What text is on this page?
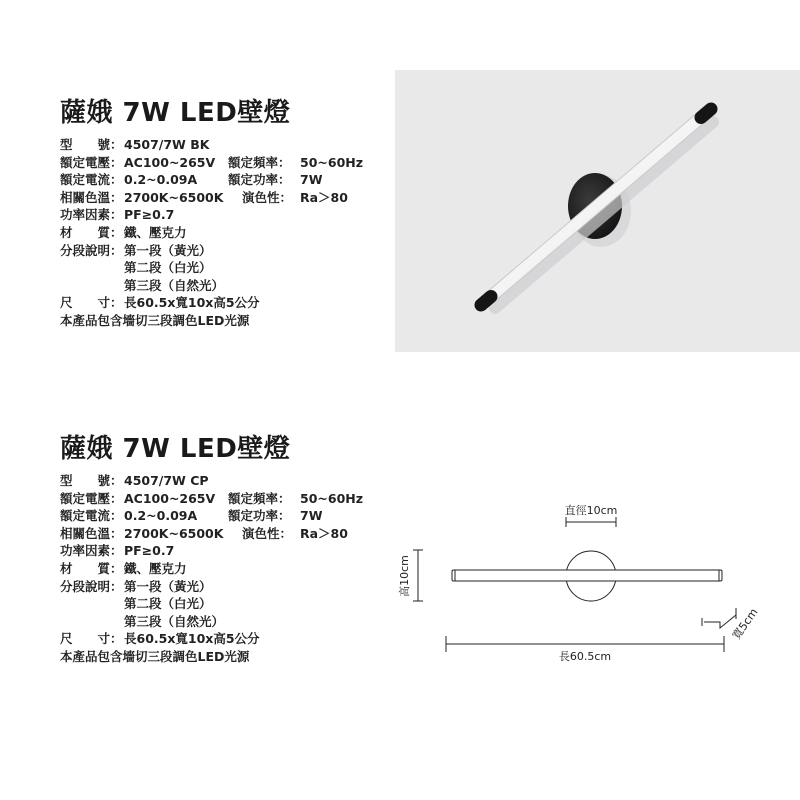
薩娥 7W LED壁燈
型　　號： 4507/7W BK
額定電壓： AC100~265V 額定頻率： 50~60Hz
額定電流： 0.2~0.09A 額定功率： 7W
相關色溫： 2700K~6500K 演色性： Ra＞80
功率因素： PF≥0.7
材　　質： 鐵、壓克力
分段說明： 第一段（黃光）
第二段（白光）
第三段（自然光）
尺　　寸： 長60.5x寬10x高5公分
本產品包含墻切三段調色LED光源
薩娥 7W LED壁燈
型　　號： 4507/7W CP
額定電壓： AC100~265V 額定頻率： 50~60Hz
額定電流： 0.2~0.09A 額定功率： 7W
相關色溫： 2700K~6500K 演色性： Ra＞80
功率因素： PF≥0.7
材　　質： 鐵、壓克力
分段說明： 第一段（黃光）
第二段（白光）
第三段（自然光）
尺　　寸： 長60.5x寬10x高5公分
本產品包含墻切三段調色LED光源
直徑10cm
高10cm
長60.5cm
寬5cm
